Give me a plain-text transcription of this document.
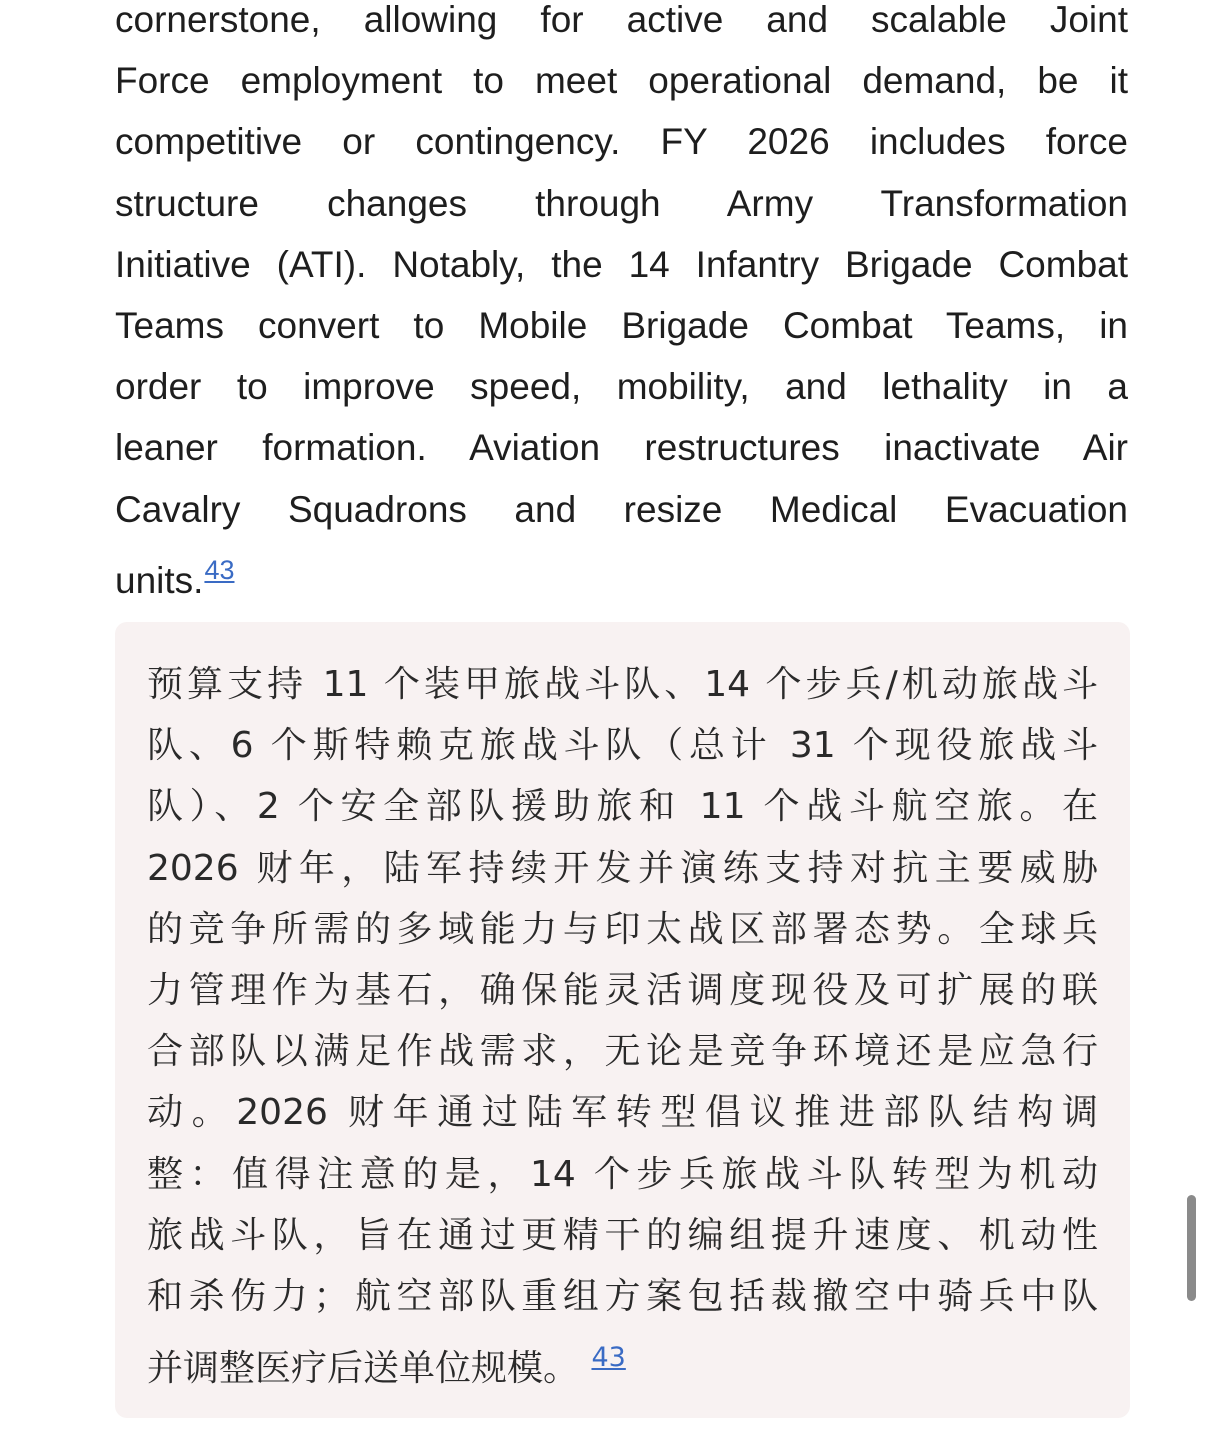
cornerstone, allowing for active and scalable Joint
Force employment to meet operational demand, be it
competitive or contingency. FY 2026 includes force
structure changes through Army Transformation
Initiative (ATI). Notably, the 14 Infantry Brigade Combat
Teams convert to Mobile Brigade Combat Teams, in
order to improve speed, mobility, and lethality in a
leaner formation. Aviation restructures inactivate Air
Cavalry Squadrons and resize Medical Evacuation
units.$^{43}$
预算支持 11 个装甲旅战斗队、14 个步兵/机动旅战斗
队、6 个斯特赖克旅战斗队（总计 31 个现役旅战斗
队）、2 个安全部队援助旅和 11 个战斗航空旅。在
2026 财年，陆军持续开发并演练支持对抗主要威胁
的竞争所需的多域能力与印太战区部署态势。全球兵
力管理作为基石，确保能灵活调度现役及可扩展的联
合部队以满足作战需求，无论是竞争环境还是应急行
动。2026 财年通过陆军转型倡议推进部队结构调
整：值得注意的是，14 个步兵旅战斗队转型为机动
旅战斗队，旨在通过更精干的编组提升速度、机动性
和杀伤力；航空部队重组方案包括裁撤空中骑兵中队
并调整医疗后送单位规模。 $^{43}$
